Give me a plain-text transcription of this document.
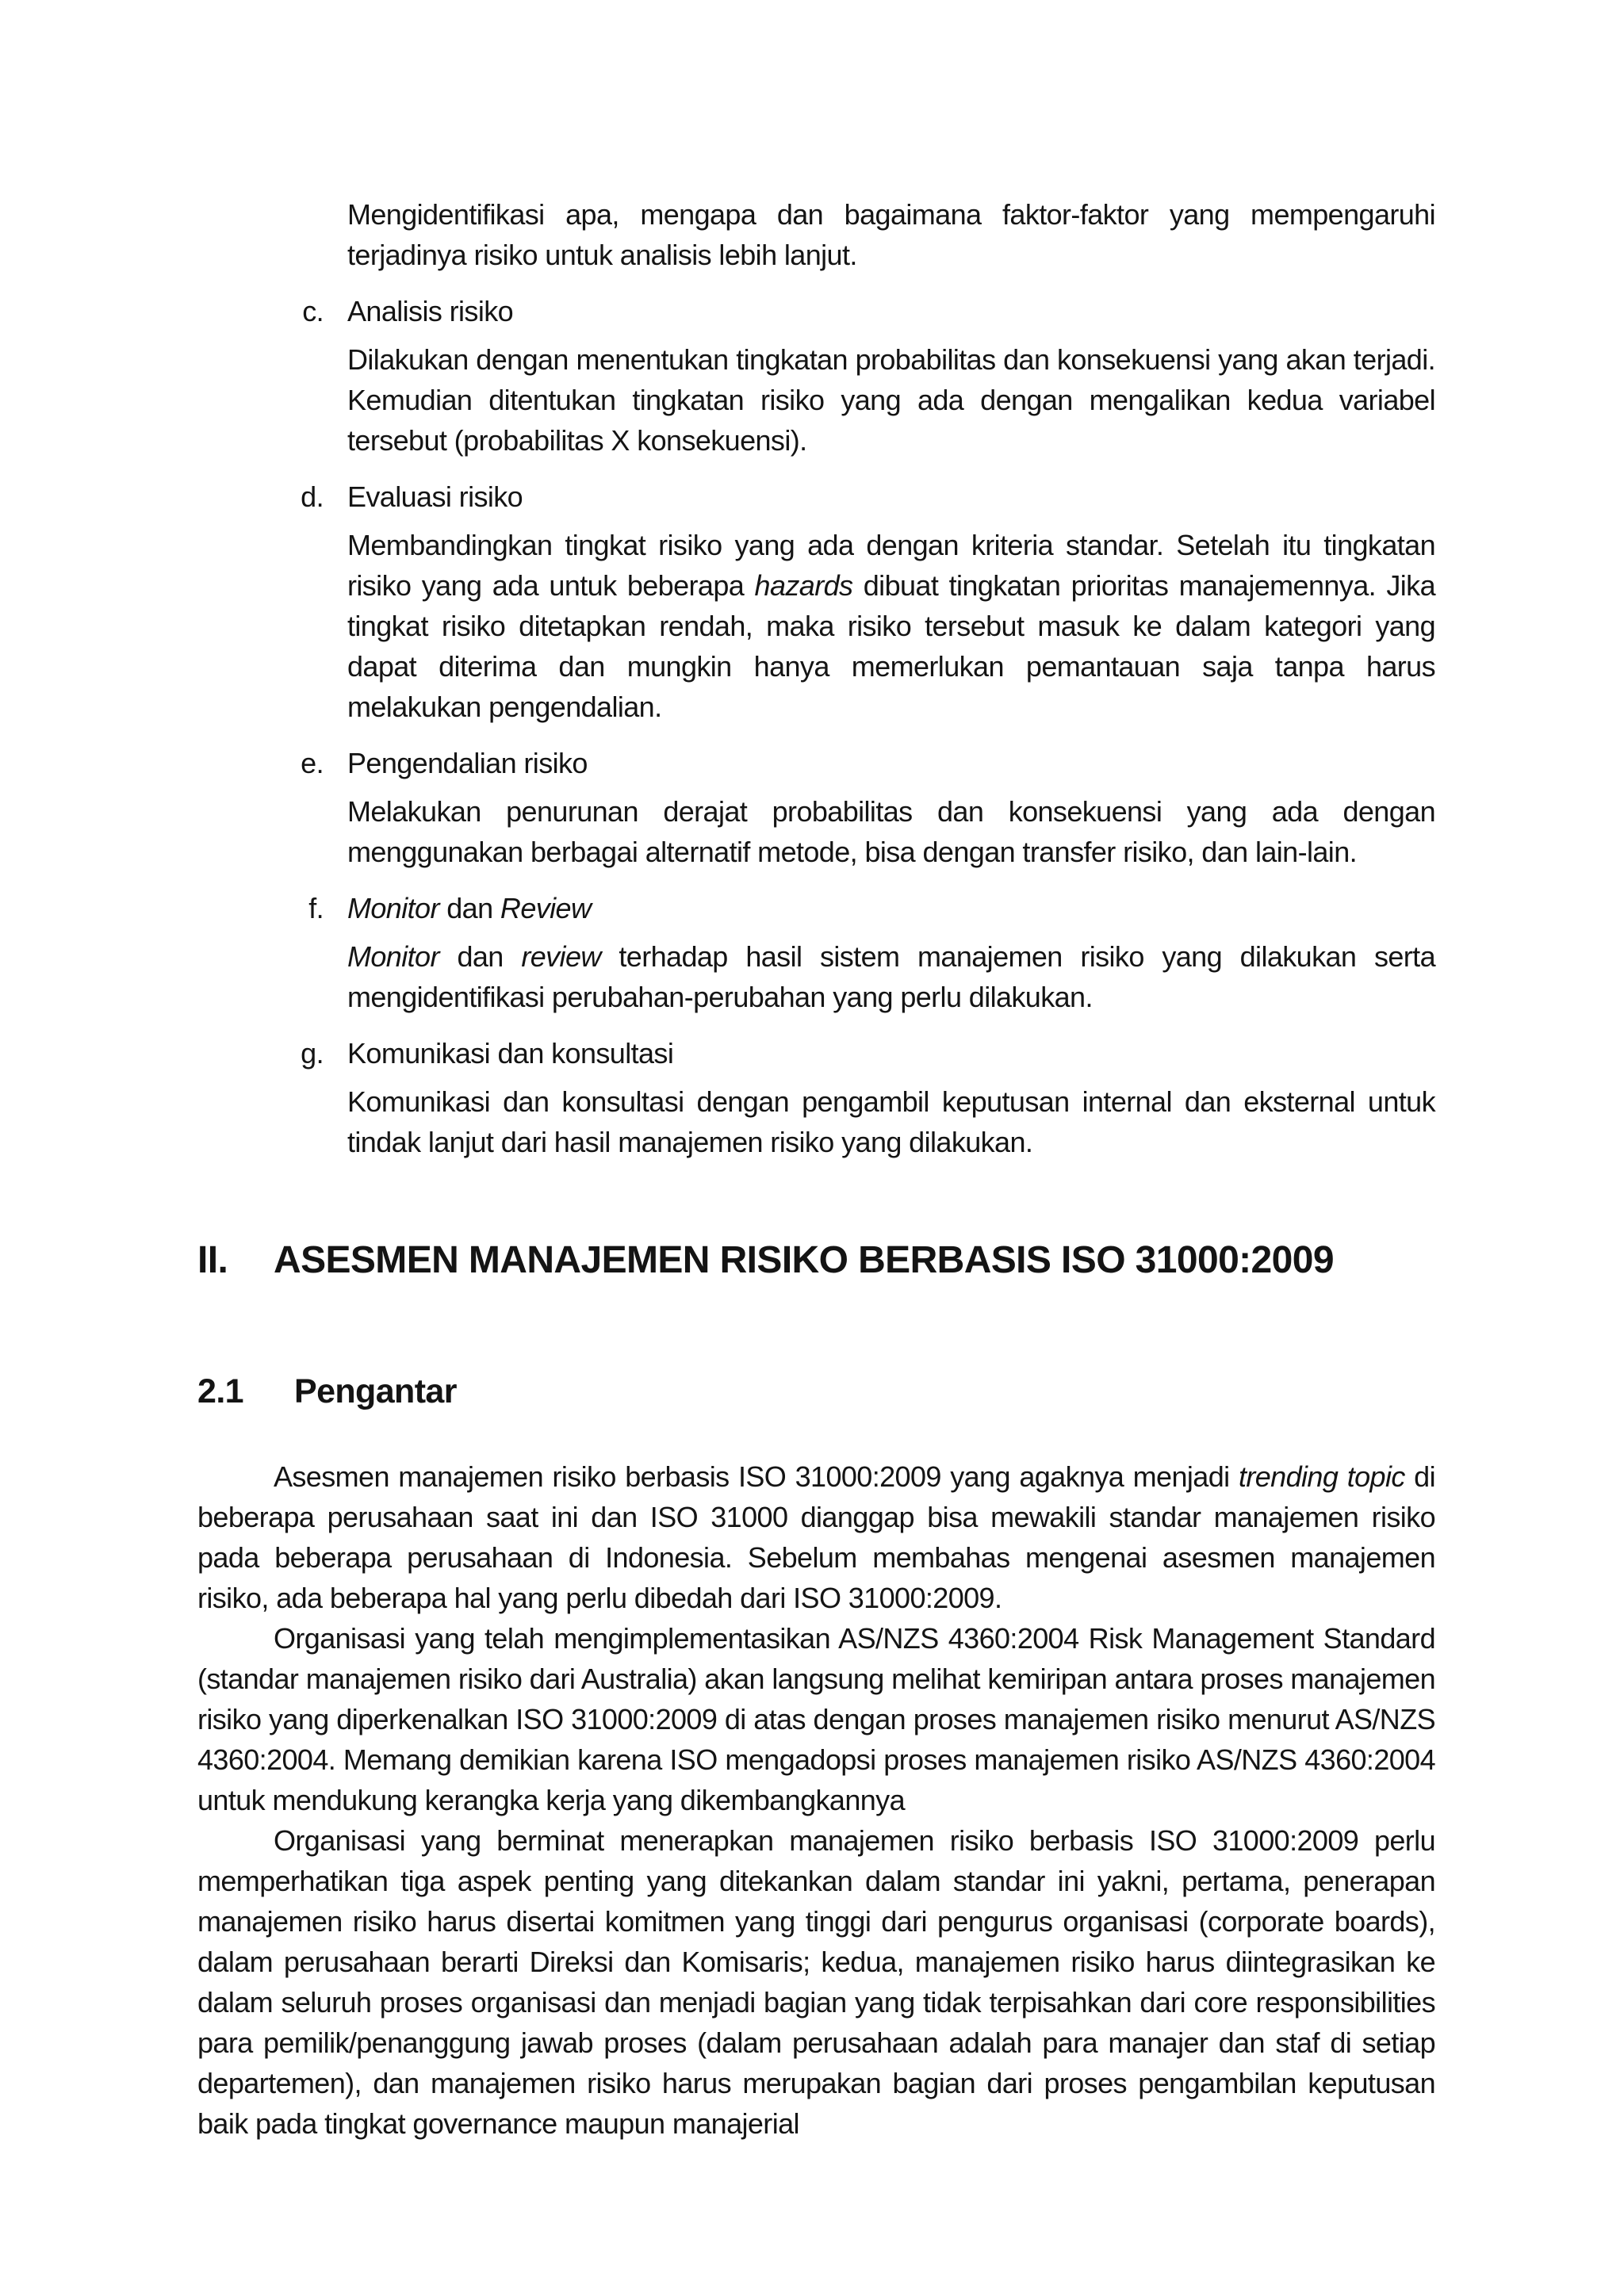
Mengidentifikasi apa, mengapa dan bagaimana faktor-faktor yang mempengaruhi terjadinya risiko untuk analisis lebih lanjut.

c. Analisis risiko

Dilakukan dengan menentukan tingkatan probabilitas dan konsekuensi yang akan terjadi. Kemudian ditentukan tingkatan risiko yang ada dengan mengalikan kedua variabel tersebut (probabilitas X konsekuensi).

d. Evaluasi risiko

Membandingkan tingkat risiko yang ada dengan kriteria standar. Setelah itu tingkatan risiko yang ada untuk beberapa hazards dibuat tingkatan prioritas manajemennya. Jika tingkat risiko ditetapkan rendah, maka risiko tersebut masuk ke dalam kategori yang dapat diterima dan mungkin hanya memerlukan pemantauan saja tanpa harus melakukan pengendalian.

e. Pengendalian risiko

Melakukan penurunan derajat probabilitas dan konsekuensi yang ada dengan menggunakan berbagai alternatif metode, bisa dengan transfer risiko, dan lain-lain.

f. Monitor dan Review

Monitor dan review terhadap hasil sistem manajemen risiko yang dilakukan serta mengidentifikasi perubahan-perubahan yang perlu dilakukan.

g. Komunikasi dan konsultasi

Komunikasi dan konsultasi dengan pengambil keputusan internal dan eksternal untuk tindak lanjut dari hasil manajemen risiko yang dilakukan.

II. ASESMEN MANAJEMEN RISIKO BERBASIS ISO 31000:2009
2.1 Pengantar

Asesmen manajemen risiko berbasis ISO 31000:2009 yang agaknya menjadi trending topic di beberapa perusahaan saat ini dan ISO 31000 dianggap bisa mewakili standar manajemen risiko pada beberapa perusahaan di Indonesia. Sebelum membahas mengenai asesmen manajemen risiko, ada beberapa hal yang perlu dibedah dari ISO 31000:2009.

Organisasi yang telah mengimplementasikan AS/NZS 4360:2004 Risk Management Standard (standar manajemen risiko dari Australia) akan langsung melihat kemiripan antara proses manajemen risiko yang diperkenalkan ISO 31000:2009 di atas dengan proses manajemen risiko menurut AS/NZS 4360:2004. Memang demikian karena ISO mengadopsi proses manajemen risiko AS/NZS 4360:2004 untuk mendukung kerangka kerja yang dikembangkannya

Organisasi yang berminat menerapkan manajemen risiko berbasis ISO 31000:2009 perlu memperhatikan tiga aspek penting yang ditekankan dalam standar ini yakni, pertama, penerapan manajemen risiko harus disertai komitmen yang tinggi dari pengurus organisasi (corporate boards), dalam perusahaan berarti Direksi dan Komisaris; kedua, manajemen risiko harus diintegrasikan ke dalam seluruh proses organisasi dan menjadi bagian yang tidak terpisahkan dari core responsibilities para pemilik/penanggung jawab proses (dalam perusahaan adalah para manajer dan staf di setiap departemen), dan manajemen risiko harus merupakan bagian dari proses pengambilan keputusan baik pada tingkat governance maupun manajerial
